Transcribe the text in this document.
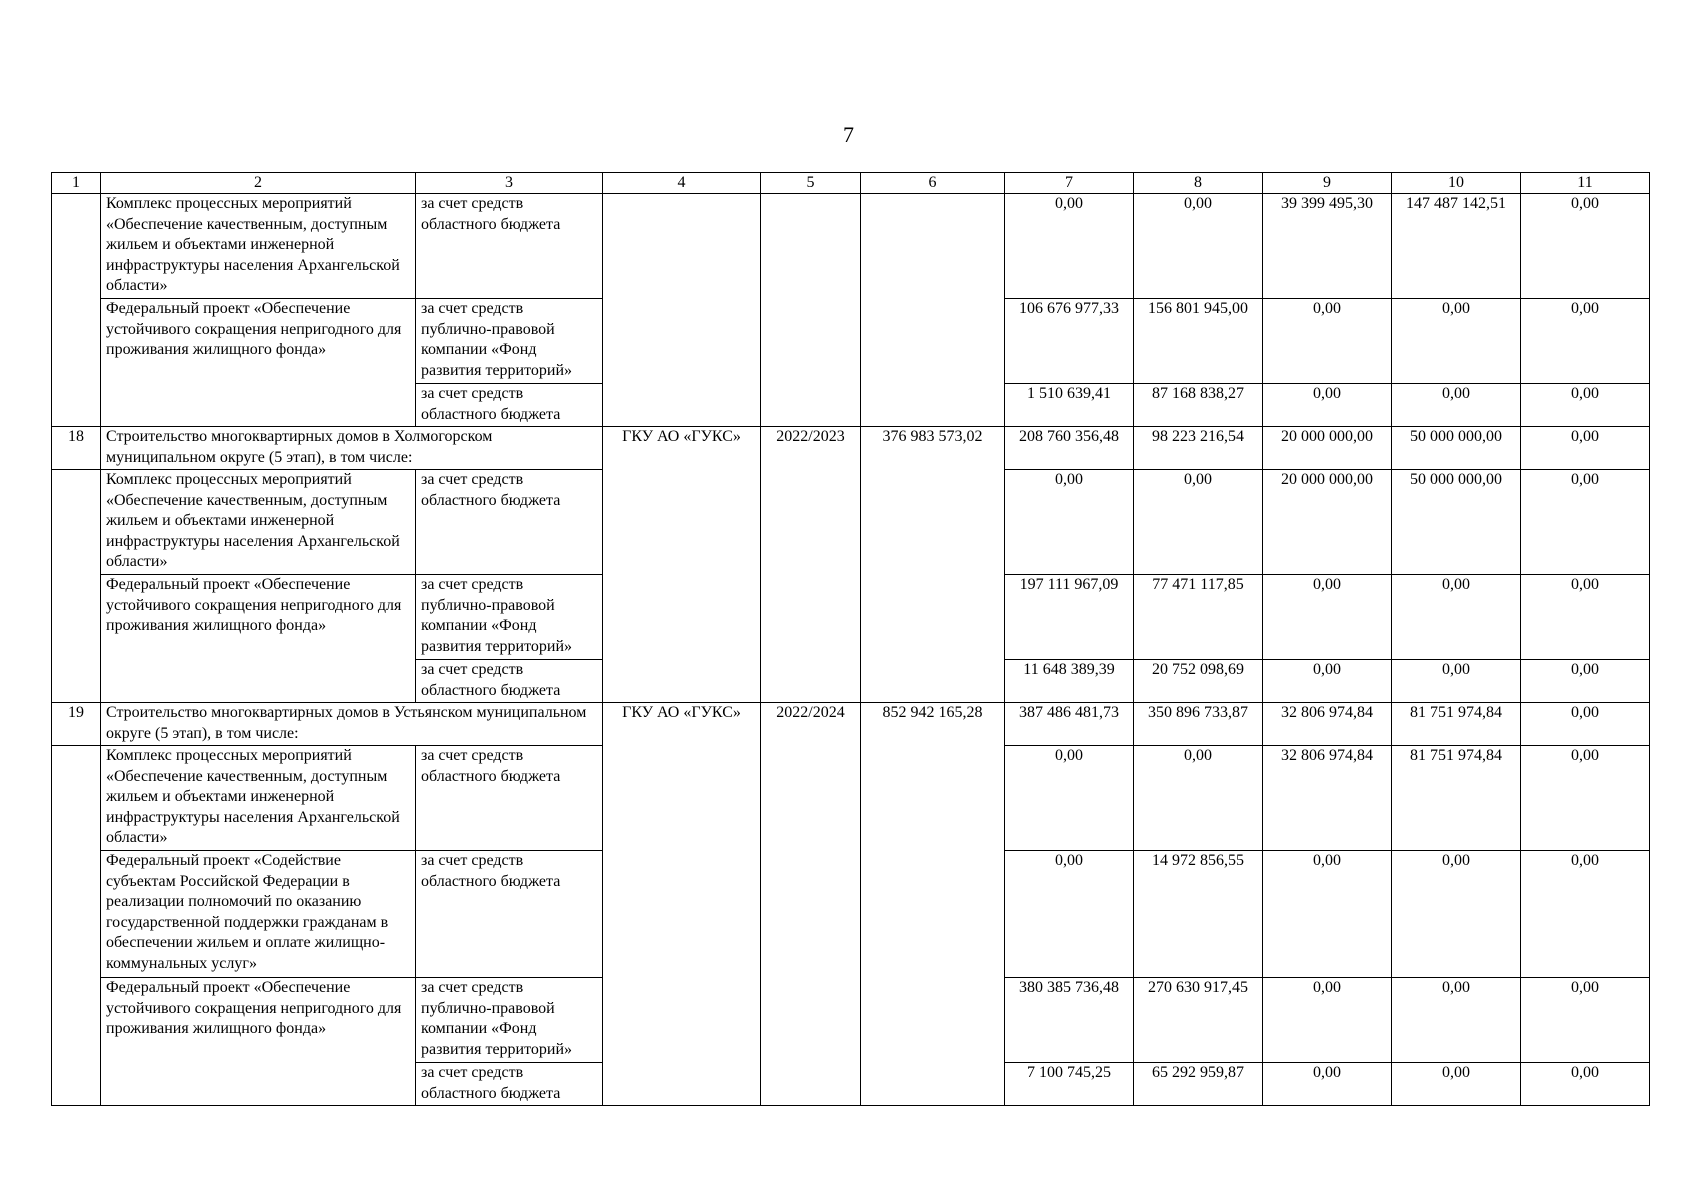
7
1	2	3	4	5	6	7	8	9	10	11
	Комплекс процессных мероприятий «Обеспечение качественным, доступным жильем и объектами инженерной инфраструктуры населения Архангельской области»	за счет средств областного бюджета				0,00	0,00	39 399 495,30	147 487 142,51	0,00
	Федеральный проект «Обеспечение устойчивого сокращения непригодного для проживания жилищного фонда»	за счет средств публично-правовой компании «Фонд развития территорий»				106 676 977,33	156 801 945,00	0,00	0,00	0,00
		за счет средств областного бюджета				1 510 639,41	87 168 838,27	0,00	0,00	0,00
18	Строительство многоквартирных домов в Холмогорском муниципальном округе (5 этап), в том числе:		ГКУ АО «ГУКС»	2022/2023	376 983 573,02	208 760 356,48	98 223 216,54	20 000 000,00	50 000 000,00	0,00
	Комплекс процессных мероприятий «Обеспечение качественным, доступным жильем и объектами инженерной инфраструктуры населения Архангельской области»	за счет средств областного бюджета				0,00	0,00	20 000 000,00	50 000 000,00	0,00
	Федеральный проект «Обеспечение устойчивого сокращения непригодного для проживания жилищного фонда»	за счет средств публично-правовой компании «Фонд развития территорий»				197 111 967,09	77 471 117,85	0,00	0,00	0,00
		за счет средств областного бюджета				11 648 389,39	20 752 098,69	0,00	0,00	0,00
19	Строительство многоквартирных домов в Устьянском муниципальном округе (5 этап), в том числе:		ГКУ АО «ГУКС»	2022/2024	852 942 165,28	387 486 481,73	350 896 733,87	32 806 974,84	81 751 974,84	0,00
	Комплекс процессных мероприятий «Обеспечение качественным, доступным жильем и объектами инженерной инфраструктуры населения Архангельской области»	за счет средств областного бюджета				0,00	0,00	32 806 974,84	81 751 974,84	0,00
	Федеральный проект «Содействие субъектам Российской Федерации в реализации полномочий по оказанию государственной поддержки гражданам в обеспечении жильем и оплате жилищно-коммунальных услуг»	за счет средств областного бюджета				0,00	14 972 856,55	0,00	0,00	0,00
	Федеральный проект «Обеспечение устойчивого сокращения непригодного для проживания жилищного фонда»	за счет средств публично-правовой компании «Фонд развития территорий»				380 385 736,48	270 630 917,45	0,00	0,00	0,00
		за счет средств областного бюджета				7 100 745,25	65 292 959,87	0,00	0,00	0,00
